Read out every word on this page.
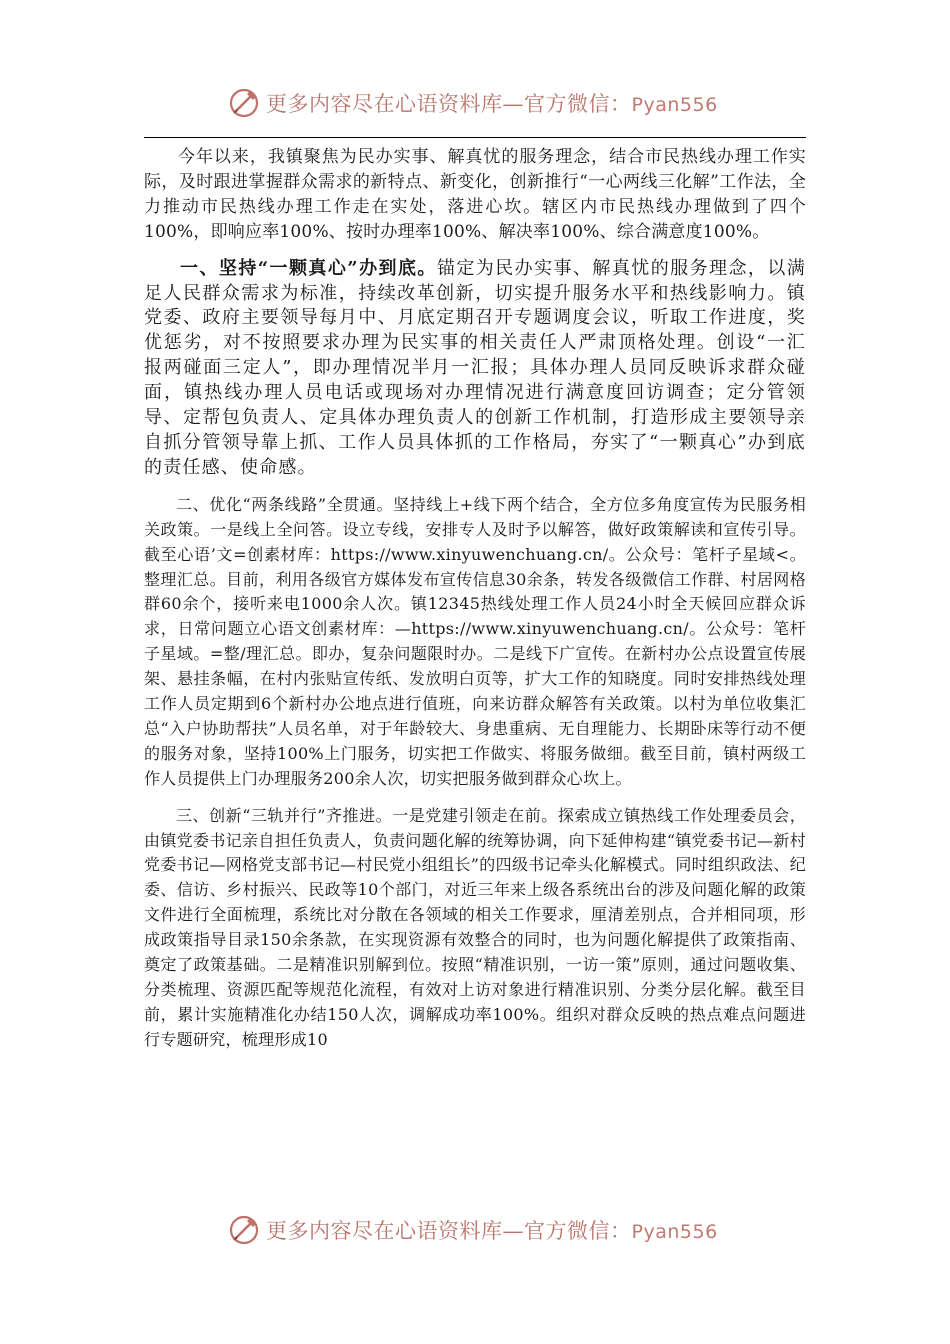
更多内容尽在心语资料库—官方微信：Pyan556

今年以来，我镇聚焦为民办实事、解真忧的服务理念，结合市民热线办理工作实际，及时跟进掌握群众需求的新特点、新变化，创新推行“一心两线三化解”工作法，全力推动市民热线办理工作走在实处，落进心坎。辖区内市民热线办理做到了四个100%，即响应率100%、按时办理率100%、解决率100%、综合满意度100%。

一、坚持“一颗真心”办到底。锚定为民办实事、解真忧的服务理念，以满足人民群众需求为标准，持续改革创新，切实提升服务水平和热线影响力。镇党委、政府主要领导每月中、月底定期召开专题调度会议，听取工作进度，奖优惩劣，对不按照要求办理为民实事的相关责任人严肃顶格处理。创设“一汇报两碰面三定人”，即办理情况半月一汇报；具体办理人员同反映诉求群众碰面，镇热线办理人员电话或现场对办理情况进行满意度回访调查；定分管领导、定帮包负责人、定具体办理负责人的创新工作机制，打造形成主要领导亲自抓分管领导靠上抓、工作人员具体抓的工作格局，夯实了“一颗真心”办到底的责任感、使命感。

二、优化“两条线路”全贯通。坚持线上+线下两个结合，全方位多角度宣传为民服务相关政策。一是线上全问答。设立专线，安排专人及时予以解答，做好政策解读和宣传引导。截至心语’文=创素材库：https://www.xinyuwenchuang.cn/。公众号：笔杆子星域<。整理汇总。目前，利用各级官方媒体发布宣传信息30余条，转发各级微信工作群、村居网格群60余个，接听来电1000余人次。镇12345热线处理工作人员24小时全天候回应群众诉求，日常问题立心语文创素材库：—https://www.xinyuwenchuang.cn/。公众号：笔杆子星域。=整/理汇总。即办，复杂问题限时办。二是线下广宣传。在新村办公点设置宣传展架、悬挂条幅，在村内张贴宣传纸、发放明白页等，扩大工作的知晓度。同时安排热线处理工作人员定期到6个新村办公地点进行值班，向来访群众解答有关政策。以村为单位收集汇总“入户协助帮扶”人员名单，对于年龄较大、身患重病、无自理能力、长期卧床等行动不便的服务对象，坚持100%上门服务，切实把工作做实、将服务做细。截至目前，镇村两级工作人员提供上门办理服务200余人次，切实把服务做到群众心坎上。

三、创新“三轨并行”齐推进。一是党建引领走在前。探索成立镇热线工作处理委员会，由镇党委书记亲自担任负责人，负责问题化解的统筹协调，向下延伸构建“镇党委书记—新村党委书记—网格党支部书记—村民党小组组长”的四级书记牵头化解模式。同时组织政法、纪委、信访、乡村振兴、民政等10个部门，对近三年来上级各系统出台的涉及问题化解的政策文件进行全面梳理，系统比对分散在各领域的相关工作要求，厘清差别点，合并相同项，形成政策指导目录150余条款，在实现资源有效整合的同时，也为问题化解提供了政策指南、奠定了政策基础。二是精准识别解到位。按照“精准识别，一访一策”原则，通过问题收集、分类梳理、资源匹配等规范化流程，有效对上访对象进行精准识别、分类分层化解。截至目前，累计实施精准化办结150人次，调解成功率100%。组织对群众反映的热点难点问题进行专题研究，梳理形成10

更多内容尽在心语资料库—官方微信：Pyan556
